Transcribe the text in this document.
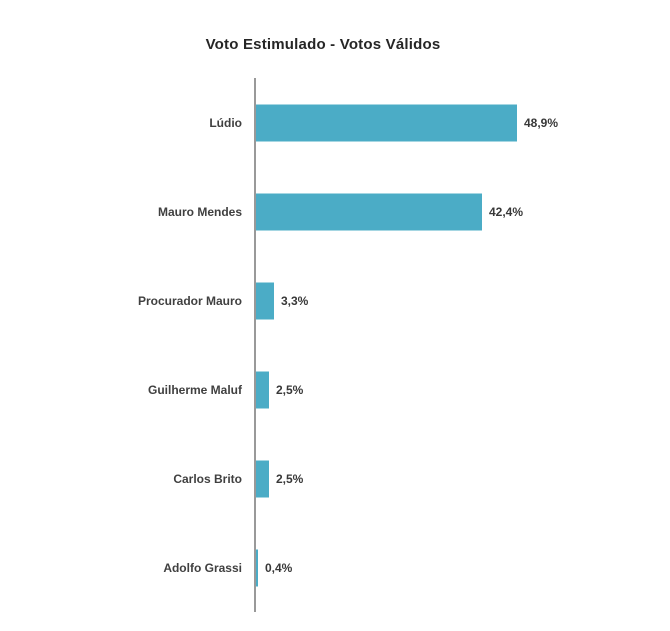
Voto Estimulado - Votos Válidos
Lúdio	48,9%
Mauro Mendes	42,4%
Procurador Mauro	3,3%
Guilherme Maluf	2,5%
Carlos Brito	2,5%
Adolfo Grassi 0,4%
